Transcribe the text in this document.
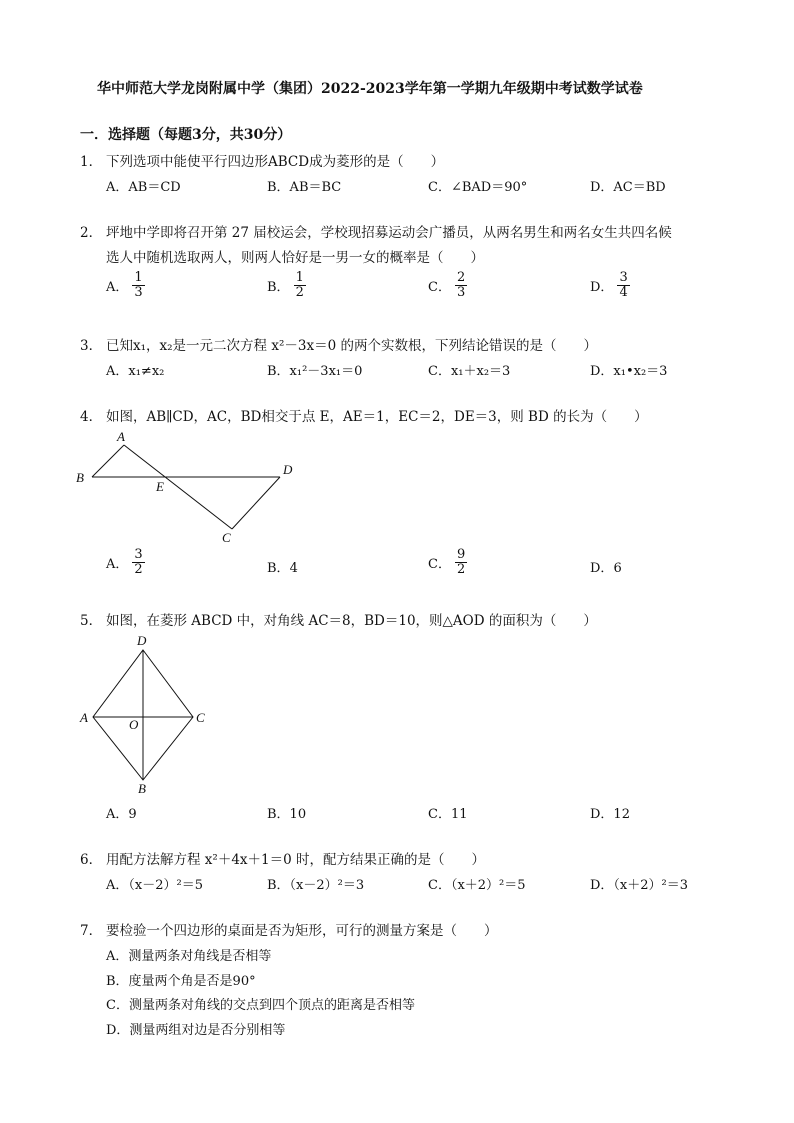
华中师范大学龙岗附属中学（集团）2022-2023学年第一学期九年级期中考试数学试卷
一．选择题（每题3分，共30分）
1． 下列选项中能使平行四边形ABCD成为菱形的是（　　）
A．AB＝CD	B．AB＝BC	C．∠BAD＝90°	D．AC＝BD
2． 坪地中学即将召开第 27 届校运会，学校现招募运动会广播员，从两名男生和两名女生共四名候
选人中随机选取两人，则两人恰好是一男一女的概率是（　　）
A． $\frac{1}{3}$	B． $\frac{1}{2}$	C． $\frac{2}{3}$	D． $\frac{3}{4}$
3． 已知x₁，x₂是一元二次方程 x²－3x＝0 的两个实数根，下列结论错误的是（　　）
A．x₁≠x₂	B．x₁²－3x₁＝0	C．x₁＋x₂＝3	D．x₁•x₂＝3
4． 如图，AB∥CD，AC，BD相交于点 E，AE＝1，EC＝2，DE＝3，则 BD 的长为（　　）
A
B
E
D
C
A． $\frac{3}{2}$	B．4	C． $\frac{9}{2}$	D．6
5． 如图，在菱形 ABCD 中，对角线 AC＝8，BD＝10，则△AOD 的面积为（　　）
D
A	C
O
B
A．9	B．10	C．11	D．12
6． 用配方法解方程 x²＋4x＋1＝0 时，配方结果正确的是（　　）
A．（x－2）²＝5	B．（x－2）²＝3	C．（x＋2）²＝5	D．（x＋2）²＝3
7． 要检验一个四边形的桌面是否为矩形，可行的测量方案是（　　）
A．测量两条对角线是否相等
B．度量两个角是否是90°
C．测量两条对角线的交点到四个顶点的距离是否相等
D．测量两组对边是否分别相等
